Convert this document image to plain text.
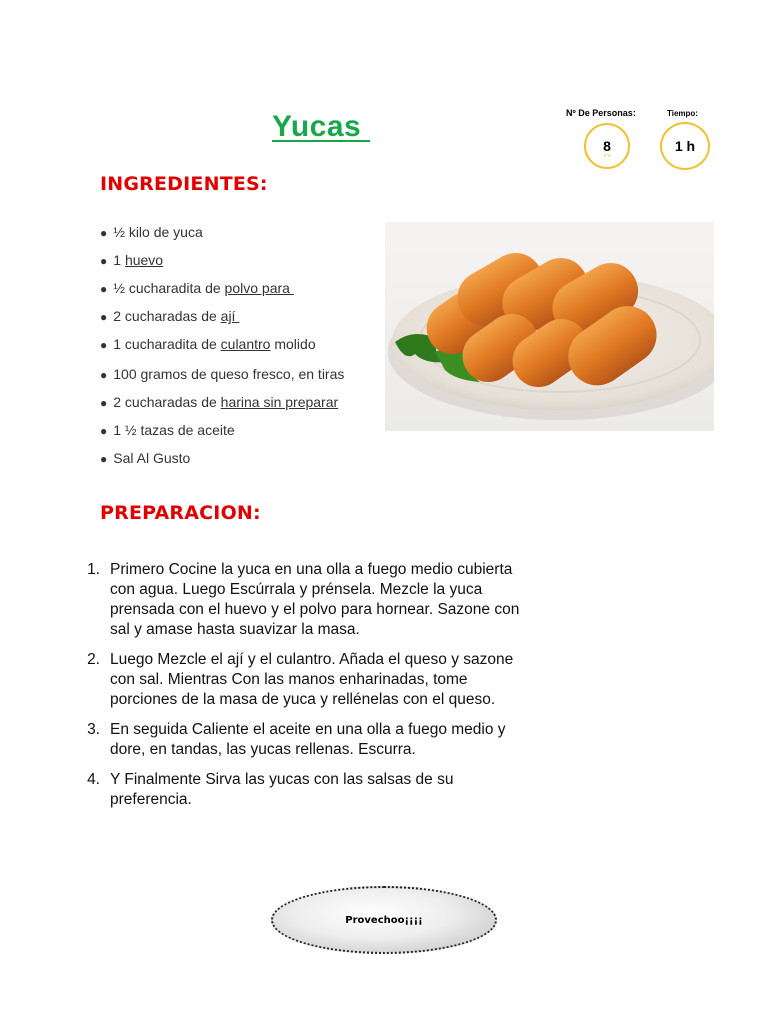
Yucas	Nº De Personas:	Tiempo:
8
◠
1 h
INGREDIENTES:
● ½ kilo de yuca
● 1 huevo
● ½ cucharadita de polvo para
● 2 cucharadas de ají
● 1 cucharadita de culantro molido
● 100 gramos de queso fresco, en tiras
● 2 cucharadas de harina sin preparar
● 1 ½ tazas de aceite
● Sal Al Gusto
PREPARACION:
1. Primero Cocine la yuca en una olla a fuego medio cubierta con agua. Luego Escúrrala y prénsela. Mezcle la yuca prensada con el huevo y el polvo para hornear. Sazone con sal y amase hasta suavizar la masa.
2. Luego Mezcle el ají y el culantro. Añada el queso y sazone con sal. Mientras Con las manos enharinadas, tome porciones de la masa de yuca y rellénelas con el queso.
3. En seguida Caliente el aceite en una olla a fuego medio y dore, en tandas, las yucas rellenas. Escurra.
4. Y Finalmente Sirva las yucas con las salsas de su preferencia.
Provechoo¡¡¡¡
